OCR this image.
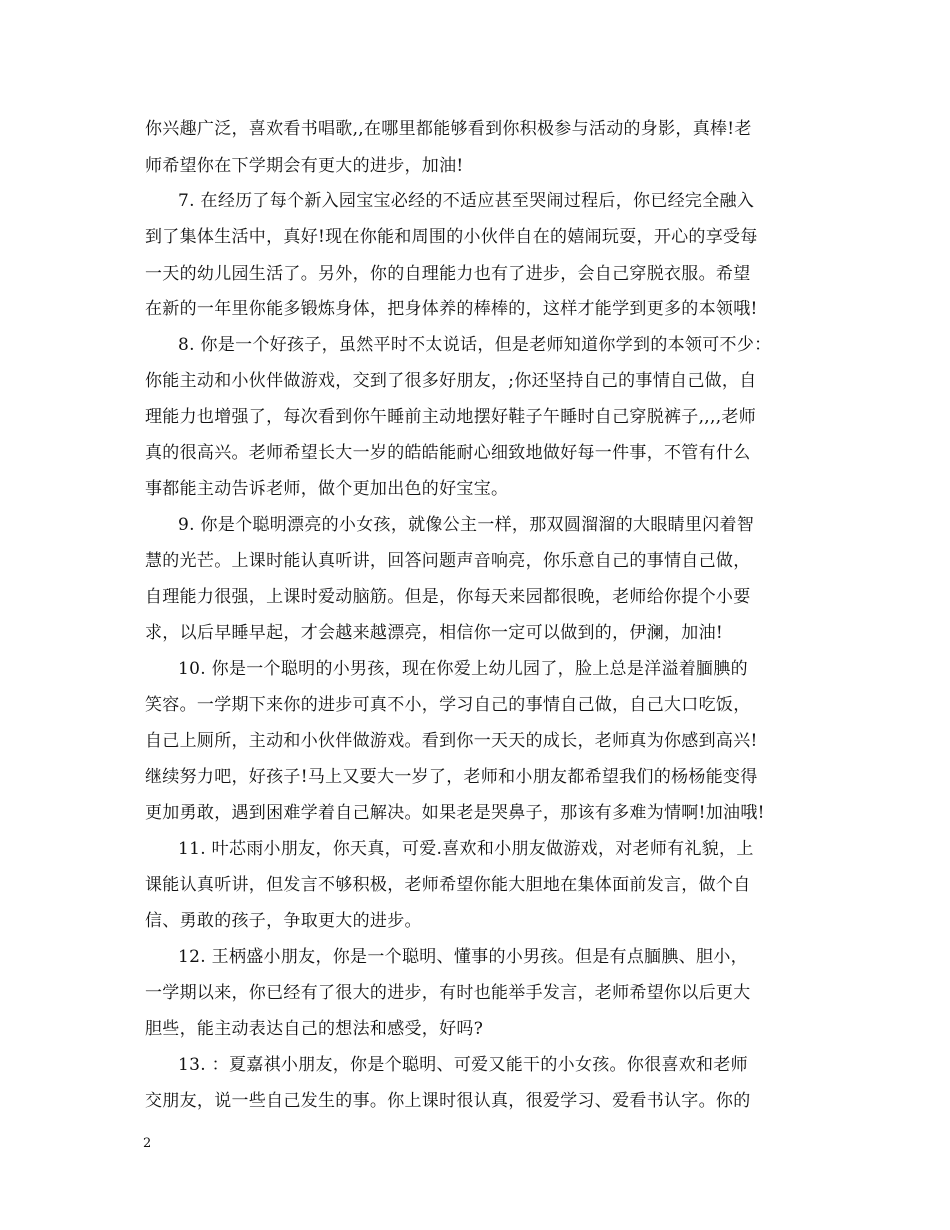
你兴趣广泛，喜欢看书唱歌,,在哪里都能够看到你积极参与活动的身影，真棒!老
师希望你在下学期会有更大的进步，加油!
7. 在经历了每个新入园宝宝必经的不适应甚至哭闹过程后，你已经完全融入
到了集体生活中，真好!现在你能和周围的小伙伴自在的嬉闹玩耍，开心的享受每
一天的幼儿园生活了。另外，你的自理能力也有了进步，会自己穿脱衣服。希望
在新的一年里你能多锻炼身体，把身体养的棒棒的，这样才能学到更多的本领哦!
8. 你是一个好孩子，虽然平时不太说话，但是老师知道你学到的本领可不少：
你能主动和小伙伴做游戏，交到了很多好朋友，;你还坚持自己的事情自己做，自
理能力也增强了，每次看到你午睡前主动地摆好鞋子午睡时自己穿脱裤子,,,,老师
真的很高兴。老师希望长大一岁的皓皓能耐心细致地做好每一件事，不管有什么
事都能主动告诉老师，做个更加出色的好宝宝。
9. 你是个聪明漂亮的小女孩，就像公主一样，那双圆溜溜的大眼睛里闪着智
慧的光芒。上课时能认真听讲，回答问题声音响亮，你乐意自己的事情自己做，
自理能力很强，上课时爱动脑筋。但是，你每天来园都很晚，老师给你提个小要
求，以后早睡早起，才会越来越漂亮，相信你一定可以做到的，伊澜，加油!
10. 你是一个聪明的小男孩，现在你爱上幼儿园了，脸上总是洋溢着腼腆的
笑容。一学期下来你的进步可真不小，学习自己的事情自己做，自己大口吃饭，
自己上厕所，主动和小伙伴做游戏。看到你一天天的成长，老师真为你感到高兴!
继续努力吧，好孩子!马上又要大一岁了，老师和小朋友都希望我们的杨杨能变得
更加勇敢，遇到困难学着自己解决。如果老是哭鼻子，那该有多难为情啊!加油哦!
11. 叶芯雨小朋友，你天真，可爱.喜欢和小朋友做游戏，对老师有礼貌，上
课能认真听讲，但发言不够积极，老师希望你能大胆地在集体面前发言，做个自
信、勇敢的孩子，争取更大的进步。
12. 王柄盛小朋友，你是一个聪明、懂事的小男孩。但是有点腼腆、胆小，
一学期以来，你已经有了很大的进步，有时也能举手发言，老师希望你以后更大
胆些，能主动表达自己的想法和感受，好吗?
13. ：夏嘉祺小朋友，你是个聪明、可爱又能干的小女孩。你很喜欢和老师
交朋友，说一些自己发生的事。你上课时很认真，很爱学习、爱看书认字。你的
2
